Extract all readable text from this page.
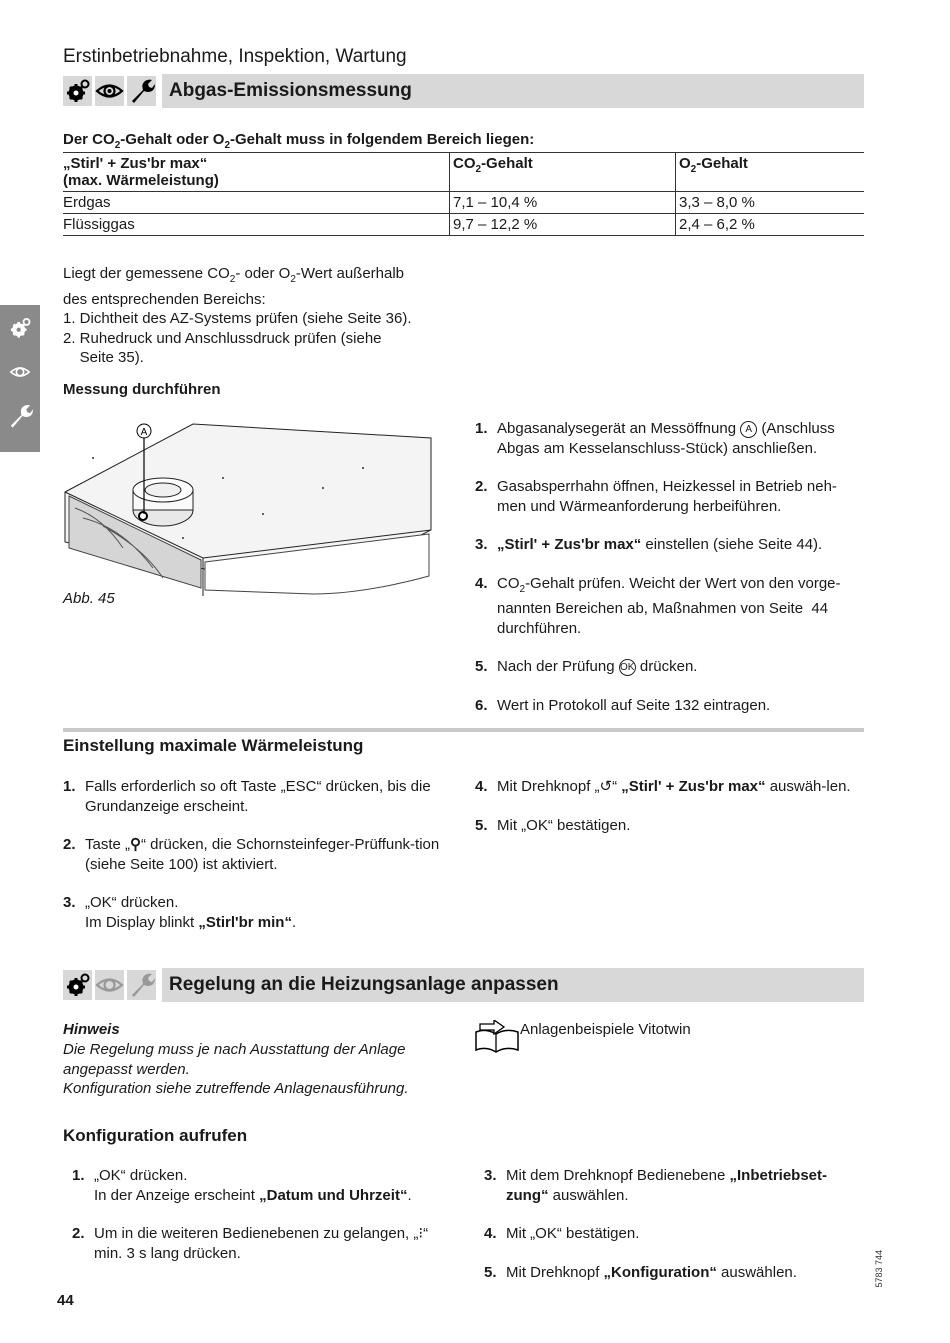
Erstinbetriebnahme, Inspektion, Wartung
Abgas-Emissionsmessung
Der $CO_2$-Gehalt oder $O_2$-Gehalt muss in folgendem Bereich liegen:
„Stirl' + Zus'br max“
(max. Wärmeleistung)	$CO_2$-Gehalt	$O_2$-Gehalt
Erdgas	7,1 – 10,4 %	3,3 – 8,0 %
Flüssiggas	9,7 – 12,2 %	2,4 – 6,2 %
Liegt der gemessene $CO_2-$ oder $O_2$-Wert außerhalb
des entsprechenden Bereichs:
1. Dichtheit des AZ-Systems prüfen (siehe Seite 36).
2. Ruhedruck und Anschlussdruck prüfen (siehe
Seite 35).
Messung durchführen
A
Abb. 45
1. Abgasanalysegerät an Messöffnung A (Anschluss Abgas am Kesselanschluss-Stück) anschließen.
2. Gasabsperrhahn öffnen, Heizkessel in Betrieb neh-men und Wärmeanforderung herbeiführen.
3. „Stirl' + Zus'br max“ einstellen (siehe Seite 44).
4. $CO_2$-Gehalt prüfen. Weicht der Wert von den vorge-nannten Bereichen ab, Maßnahmen von Seite  44 durchführen.
5. Nach der Prüfung OK drücken.
6. Wert in Protokoll auf Seite 132 eintragen.
Einstellung maximale Wärmeleistung
1. Falls erforderlich so oft Taste „ESC“ drücken, bis die Grundanzeige erscheint.
2. Taste „⚲“ drücken, die Schornsteinfeger-Prüffunk-tion (siehe Seite 100) ist aktiviert.
3. „OK“ drücken.
Im Display blinkt „Stirl'br min“.
4. Mit Drehknopf „↺“ „Stirl' + Zus'br max“ auswäh-len.
5. Mit „OK“ bestätigen.
Regelung an die Heizungsanlage anpassen
Hinweis
Die Regelung muss je nach Ausstattung der Anlage
angepasst werden.
Konfiguration siehe zutreffende Anlagenausführung.
Anlagenbeispiele Vitotwin
Konfiguration aufrufen
1. „OK“ drücken.
In der Anzeige erscheint „Datum und Uhrzeit“.
2. Um in die weiteren Bedienebenen zu gelangen, „⁝“ min. 3 s lang drücken.
3. Mit dem Drehknopf Bedienebene „Inbetriebset-zung“ auswählen.
4. Mit „OK“ bestätigen.
5. Mit Drehknopf „Konfiguration“ auswählen.	5783 744
44
